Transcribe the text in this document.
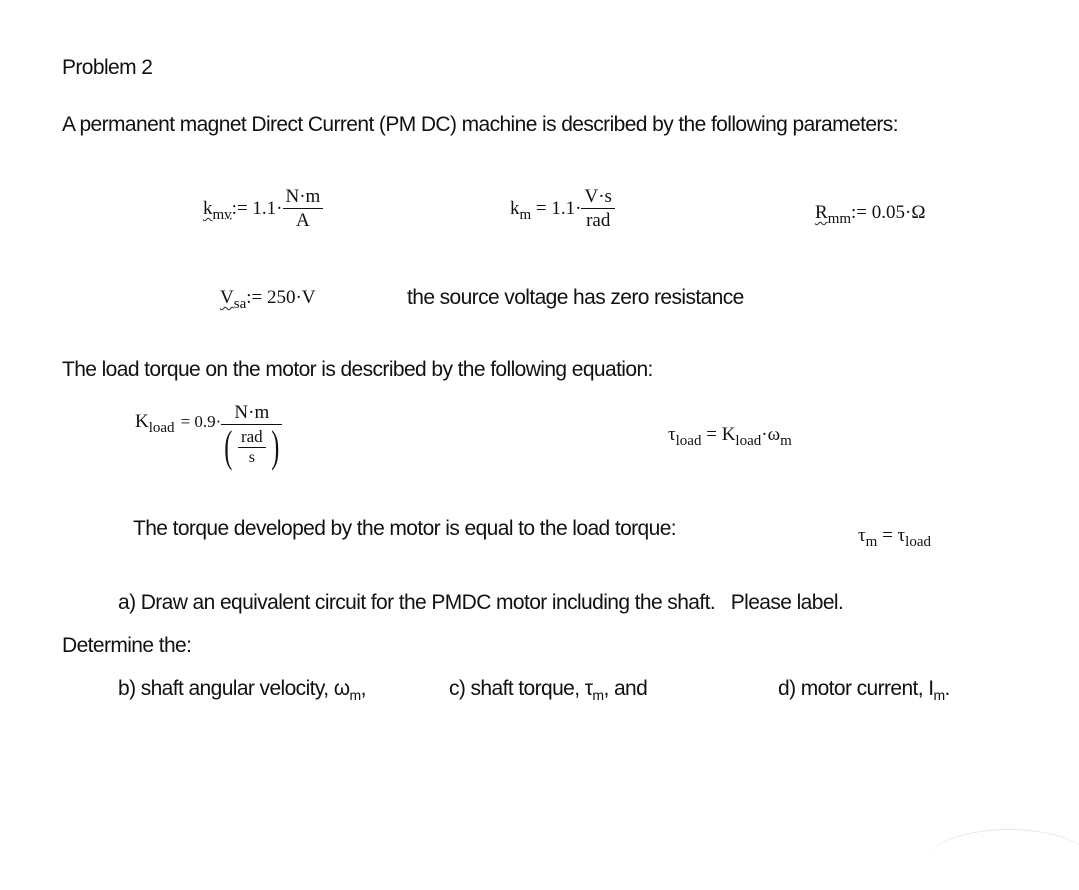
Problem 2
A permanent magnet Direct Current (PM DC) machine is described by the following parameters:
$k_{mv}:= 1.1\cdot \frac{N\cdot m}{A}$	$k_m = 1.1\cdot \frac{V\cdot s}{\text{rad}}$	$R_{mm}:= 0.05\cdot\Omega$
$V_{sa}:= 250\cdot V$	the source voltage has zero resistance
The load torque on the motor is described by the following equation:
$K_{load} = 0.9\cdot \frac{N\cdot m}{( \frac{\text{rad}}{s} )}$	$\tau_{load} = K_{load}\cdot\omega_m$
The torque developed by the motor is equal to the load torque:	$\tau_m = \tau_{load}$
a) Draw an equivalent circuit for the PMDC motor including the shaft.   Please label.
Determine the:
b) shaft angular velocity, $\omega_m$,	c) shaft torque, $\tau_m$, and	d) motor current, $I_m$.
